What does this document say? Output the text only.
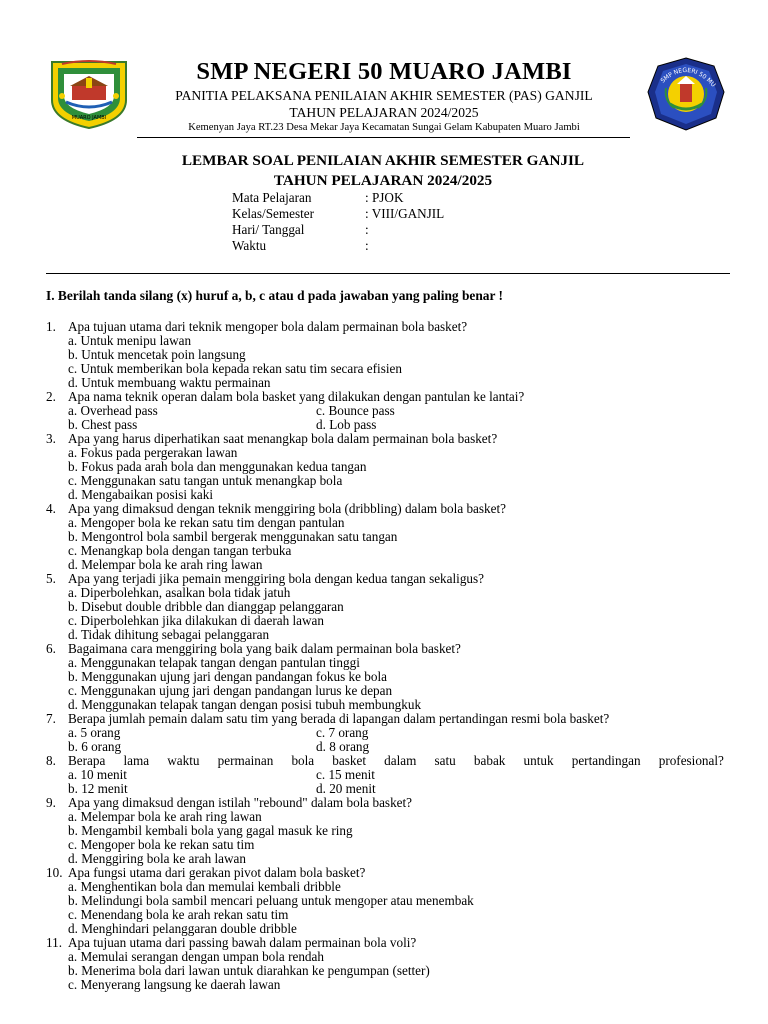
MUARO JAMBI
SMP NEGERI 50 MU
SMP NEGERI 50 MUARO JAMBI
PANITIA PELAKSANA PENILAIAN AKHIR SEMESTER (PAS) GANJIL
TAHUN PELAJARAN 2024/2025
Kemenyan Jaya RT.23 Desa Mekar Jaya Kecamatan Sungai Gelam Kabupaten Muaro Jambi
LEMBAR SOAL PENILAIAN AKHIR SEMESTER GANJIL
TAHUN PELAJARAN 2024/2025
Mata Pelajaran	: PJOK
Kelas/Semester	: VIII/GANJIL
Hari/ Tanggal	:
Waktu	:
I. Berilah tanda silang (x) huruf a, b, c atau d pada jawaban yang paling benar !
1. Apa tujuan utama dari teknik mengoper bola dalam permainan bola basket?
a. Untuk menipu lawan
b. Untuk mencetak poin langsung
c. Untuk memberikan bola kepada rekan satu tim secara efisien
d. Untuk membuang waktu permainan
2. Apa nama teknik operan dalam bola basket yang dilakukan dengan pantulan ke lantai?
a. Overhead pass	c. Bounce pass
b. Chest pass	d. Lob pass
3. Apa yang harus diperhatikan saat menangkap bola dalam permainan bola basket?
a. Fokus pada pergerakan lawan
b. Fokus pada arah bola dan menggunakan kedua tangan
c. Menggunakan satu tangan untuk menangkap bola
d. Mengabaikan posisi kaki
4. Apa yang dimaksud dengan teknik menggiring bola (dribbling) dalam bola basket?
a. Mengoper bola ke rekan satu tim dengan pantulan
b. Mengontrol bola sambil bergerak menggunakan satu tangan
c. Menangkap bola dengan tangan terbuka
d. Melempar bola ke arah ring lawan
5. Apa yang terjadi jika pemain menggiring bola dengan kedua tangan sekaligus?
a. Diperbolehkan, asalkan bola tidak jatuh
b. Disebut double dribble dan dianggap pelanggaran
c. Diperbolehkan jika dilakukan di daerah lawan
d. Tidak dihitung sebagai pelanggaran
6. Bagaimana cara menggiring bola yang baik dalam permainan bola basket?
a. Menggunakan telapak tangan dengan pantulan tinggi
b. Menggunakan ujung jari dengan pandangan fokus ke bola
c. Menggunakan ujung jari dengan pandangan lurus ke depan
d. Menggunakan telapak tangan dengan posisi tubuh membungkuk
7. Berapa jumlah pemain dalam satu tim yang berada di lapangan dalam pertandingan resmi bola basket?
a. 5 orang	c. 7 orang
b. 6 orang	d. 8 orang
8. Berapa lama waktu permainan bola basket dalam satu babak untuk pertandingan profesional?
a. 10 menit	c. 15 menit
b. 12 menit	d. 20 menit
9. Apa yang dimaksud dengan istilah "rebound" dalam bola basket?
a. Melempar bola ke arah ring lawan
b. Mengambil kembali bola yang gagal masuk ke ring
c. Mengoper bola ke rekan satu tim
d. Menggiring bola ke arah lawan
10. Apa fungsi utama dari gerakan pivot dalam bola basket?
a. Menghentikan bola dan memulai kembali dribble
b. Melindungi bola sambil mencari peluang untuk mengoper atau menembak
c. Menendang bola ke arah rekan satu tim
d. Menghindari pelanggaran double dribble
11. Apa tujuan utama dari passing bawah dalam permainan bola voli?
a. Memulai serangan dengan umpan bola rendah
b. Menerima bola dari lawan untuk diarahkan ke pengumpan (setter)
c. Menyerang langsung ke daerah lawan
